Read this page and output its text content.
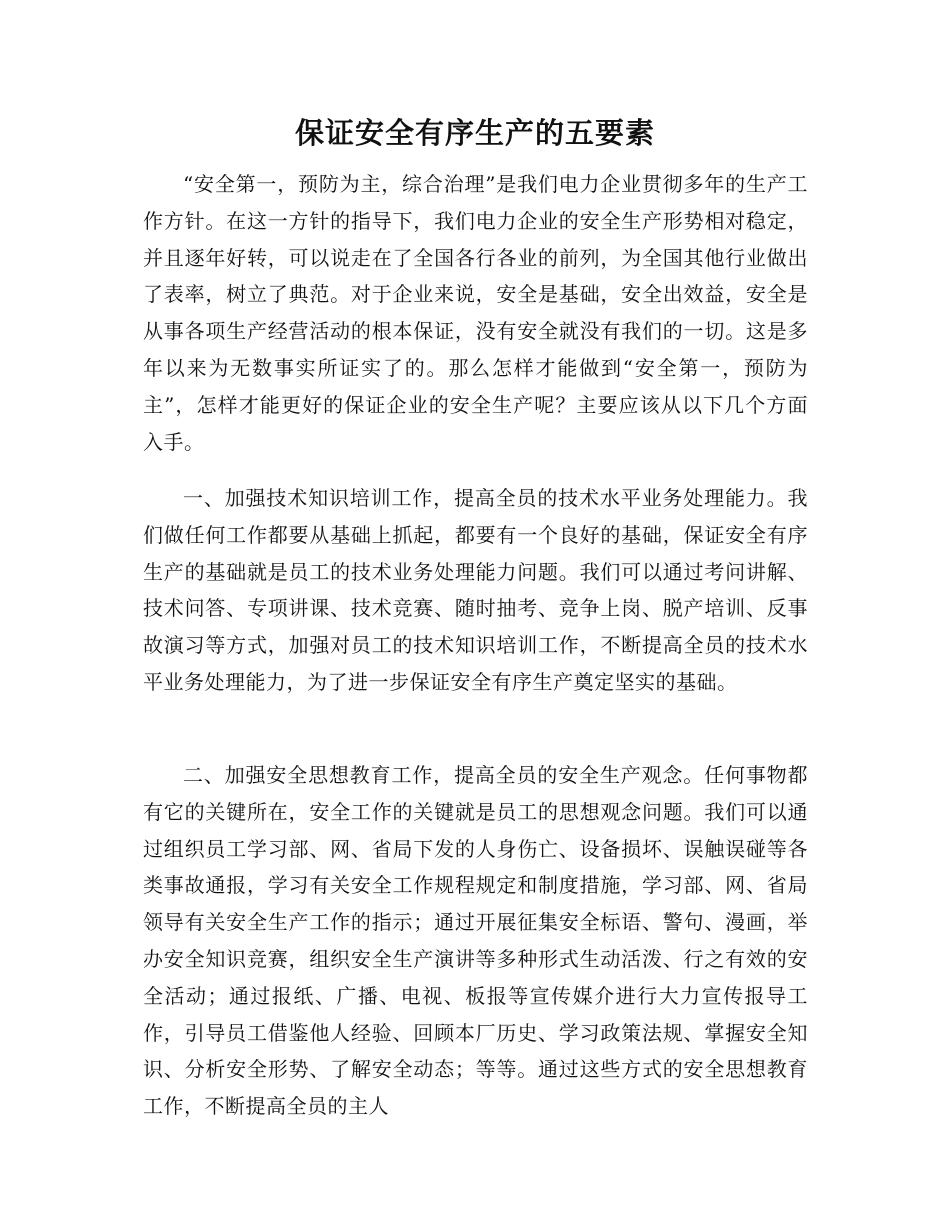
保证安全有序生产的五要素

“安全第一，预防为主，综合治理”是我们电力企业贯彻多年的生产工作方针。在这一方针的指导下，我们电力企业的安全生产形势相对稳定，并且逐年好转，可以说走在了全国各行各业的前列，为全国其他行业做出了表率，树立了典范。对于企业来说，安全是基础，安全出效益，安全是从事各项生产经营活动的根本保证，没有安全就没有我们的一切。这是多年以来为无数事实所证实了的。那么怎样才能做到“安全第一，预防为主”，怎样才能更好的保证企业的安全生产呢？主要应该从以下几个方面入手。

一、加强技术知识培训工作，提高全员的技术水平业务处理能力。我们做任何工作都要从基础上抓起，都要有一个良好的基础，保证安全有序生产的基础就是员工的技术业务处理能力问题。我们可以通过考问讲解、技术问答、专项讲课、技术竞赛、随时抽考、竞争上岗、脱产培训、反事故演习等方式，加强对员工的技术知识培训工作，不断提高全员的技术水平业务处理能力，为了进一步保证安全有序生产奠定坚实的基础。

二、加强安全思想教育工作，提高全员的安全生产观念。任何事物都有它的关键所在，安全工作的关键就是员工的思想观念问题。我们可以通过组织员工学习部、网、省局下发的人身伤亡、设备损坏、误触误碰等各类事故通报，学习有关安全工作规程规定和制度措施，学习部、网、省局领导有关安全生产工作的指示；通过开展征集安全标语、警句、漫画，举办安全知识竞赛，组织安全生产演讲等多种形式生动活泼、行之有效的安全活动；通过报纸、广播、电视、板报等宣传媒介进行大力宣传报导工作，引导员工借鉴他人经验、回顾本厂历史、学习政策法规、掌握安全知识、分析安全形势、了解安全动态；等等。通过这些方式的安全思想教育工作，不断提高全员的主人
